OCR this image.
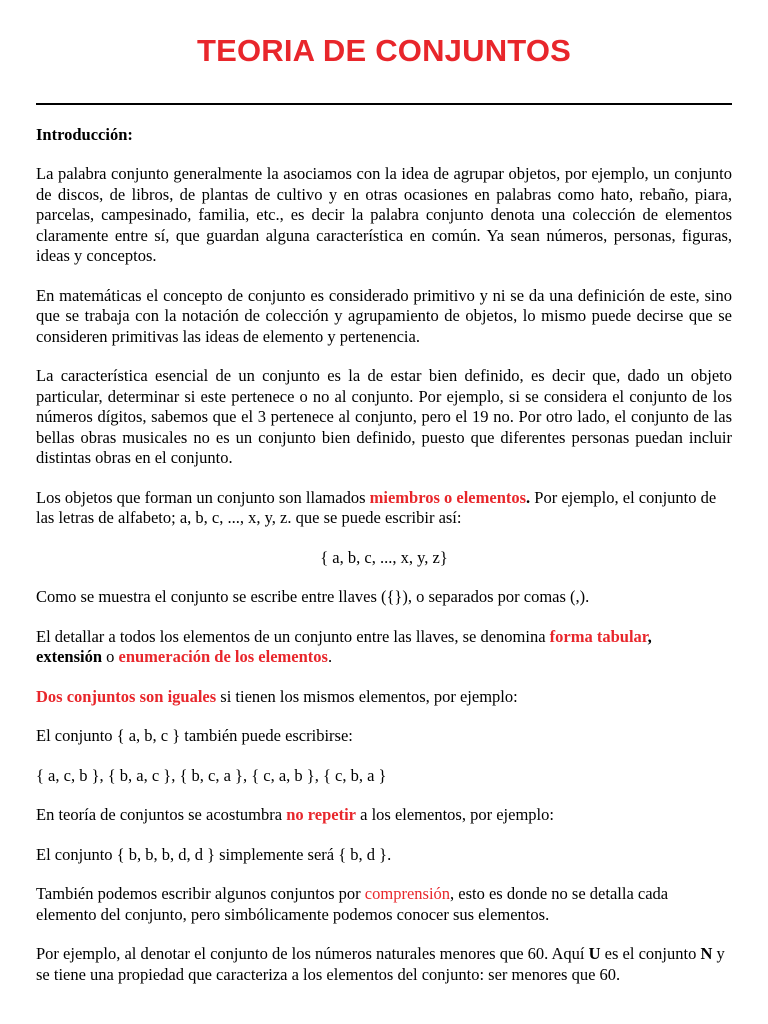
TEORIA DE CONJUNTOS
Introducción:

La palabra conjunto generalmente la asociamos con la idea de agrupar objetos, por ejemplo, un conjunto de discos, de libros, de plantas de cultivo y en otras ocasiones en palabras como hato, rebaño, piara, parcelas, campesinado, familia, etc., es decir la palabra conjunto denota una colección de elementos claramente entre sí, que guardan alguna característica en común. Ya sean números, personas, figuras, ideas y conceptos.

En matemáticas el concepto de conjunto es considerado primitivo y ni se da una definición de este, sino que se trabaja con la notación de colección y agrupamiento de objetos, lo mismo puede decirse que se consideren primitivas las ideas de elemento y pertenencia.

La característica esencial de un conjunto es la de estar bien definido, es decir que, dado un objeto particular, determinar si este pertenece o no al conjunto. Por ejemplo, si se considera el conjunto de los números dígitos, sabemos que el 3 pertenece al conjunto, pero el 19 no. Por otro lado, el conjunto de las bellas obras musicales no es un conjunto bien definido, puesto que diferentes personas puedan incluir distintas obras en el conjunto.

Los objetos que forman un conjunto son llamados miembros o elementos. Por ejemplo, el conjunto de las letras de alfabeto; a, b, c, ..., x, y, z. que se puede escribir así:

{ a, b, c, ..., x, y, z}

Como se muestra el conjunto se escribe entre llaves ({}), o separados por comas (,).

El detallar a todos los elementos de un conjunto entre las llaves, se denomina forma tabular,
extensión o enumeración de los elementos.

Dos conjuntos son iguales si tienen los mismos elementos, por ejemplo:

El conjunto { a, b, c } también puede escribirse:

{ a, c, b }, { b, a, c }, { b, c, a }, { c, a, b }, { c, b, a }

En teoría de conjuntos se acostumbra no repetir a los elementos, por ejemplo:

El conjunto { b, b, b, d, d } simplemente será { b, d }.

También podemos escribir algunos conjuntos por comprensión, esto es donde no se detalla cada elemento del conjunto, pero simbólicamente podemos conocer sus elementos.

Por ejemplo, al denotar el conjunto de los números naturales menores que 60. Aquí U es el conjunto N y se tiene una propiedad que caracteriza a los elementos del conjunto: ser menores que 60.
